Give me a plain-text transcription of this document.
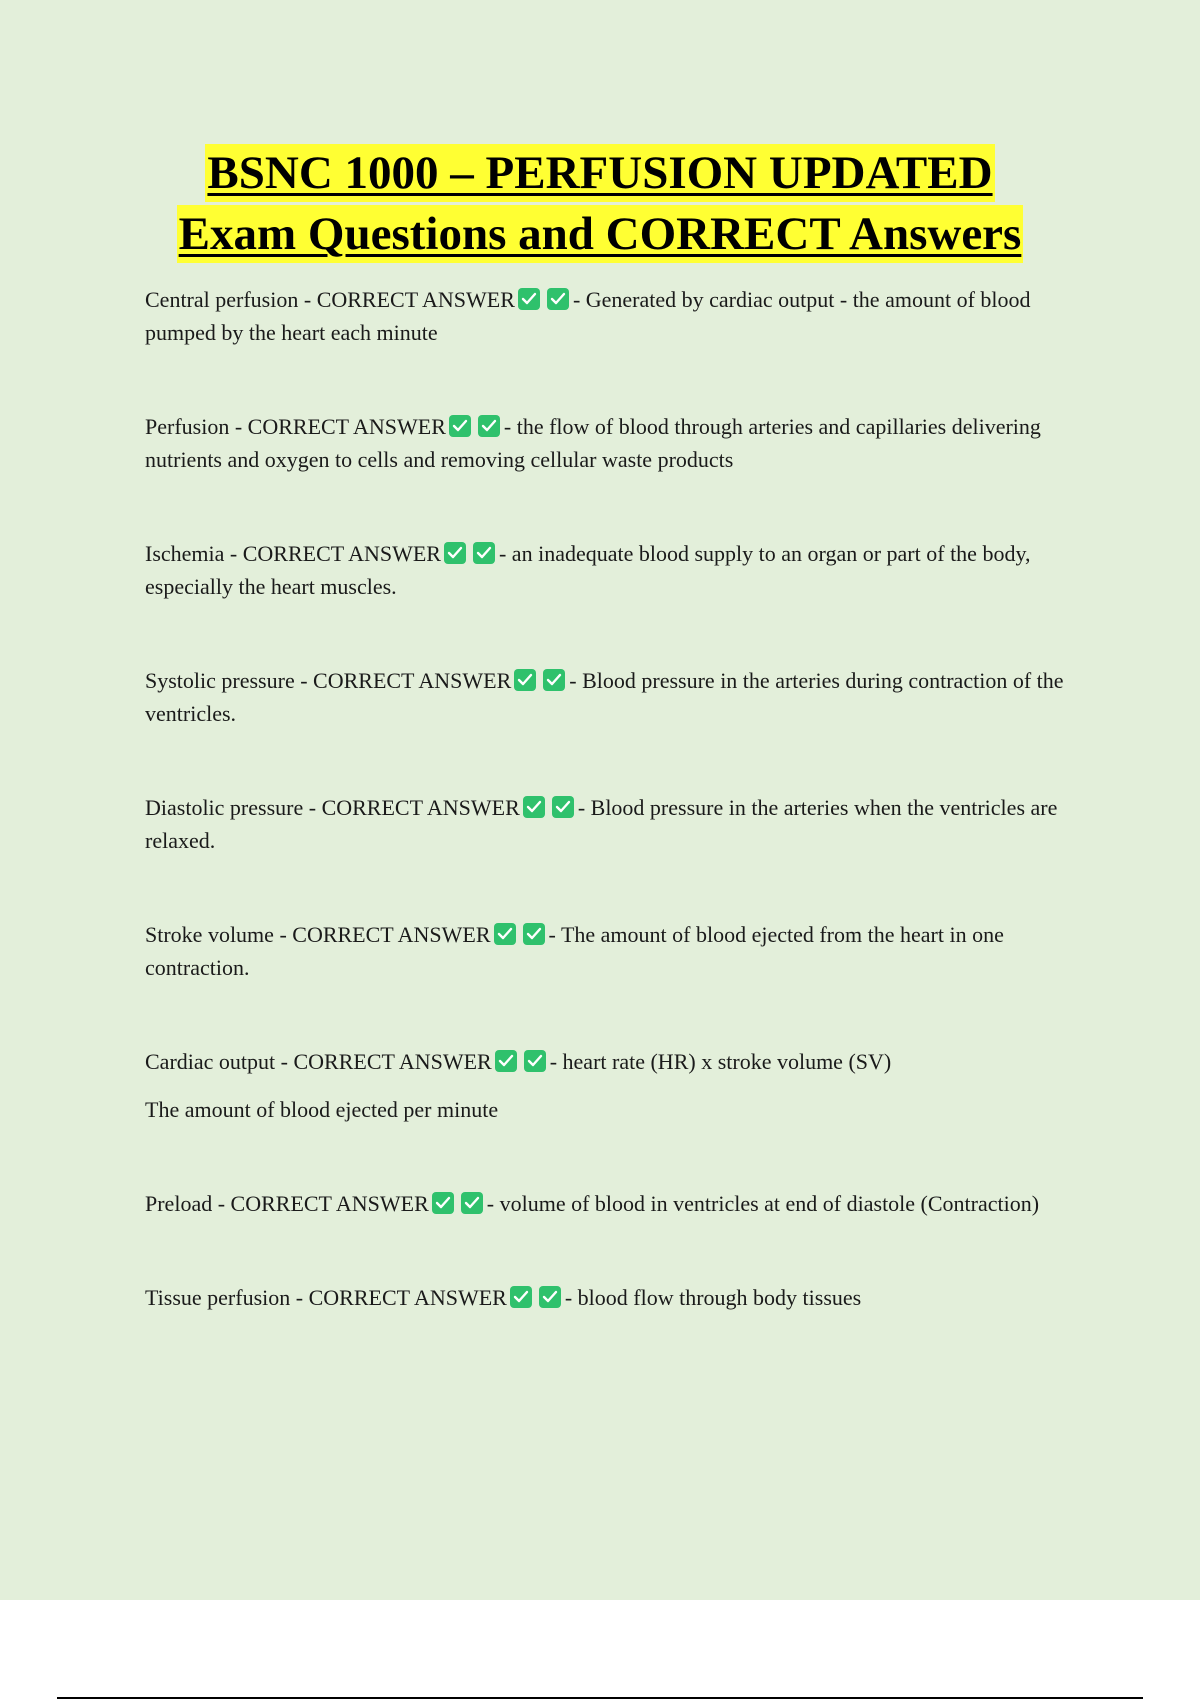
BSNC 1000 – PERFUSION UPDATED
Exam Questions and CORRECT Answers

Central perfusion - CORRECT ANSWER	- Generated by cardiac output - the amount of blood pumped by the heart each minute

Perfusion - CORRECT ANSWER	- the flow of blood through arteries and capillaries delivering nutrients and oxygen to cells and removing cellular waste products

Ischemia - CORRECT ANSWER	- an inadequate blood supply to an organ or part of the body, especially the heart muscles.

Systolic pressure - CORRECT ANSWER	- Blood pressure in the arteries during contraction of the ventricles.

Diastolic pressure - CORRECT ANSWER	- Blood pressure in the arteries when the ventricles are relaxed.

Stroke volume - CORRECT ANSWER	- The amount of blood ejected from the heart in one contraction.

Cardiac output - CORRECT ANSWER	- heart rate (HR) x stroke volume (SV)
The amount of blood ejected per minute

Preload - CORRECT ANSWER	- volume of blood in ventricles at end of diastole (Contraction)

Tissue perfusion - CORRECT ANSWER	- blood flow through body tissues
